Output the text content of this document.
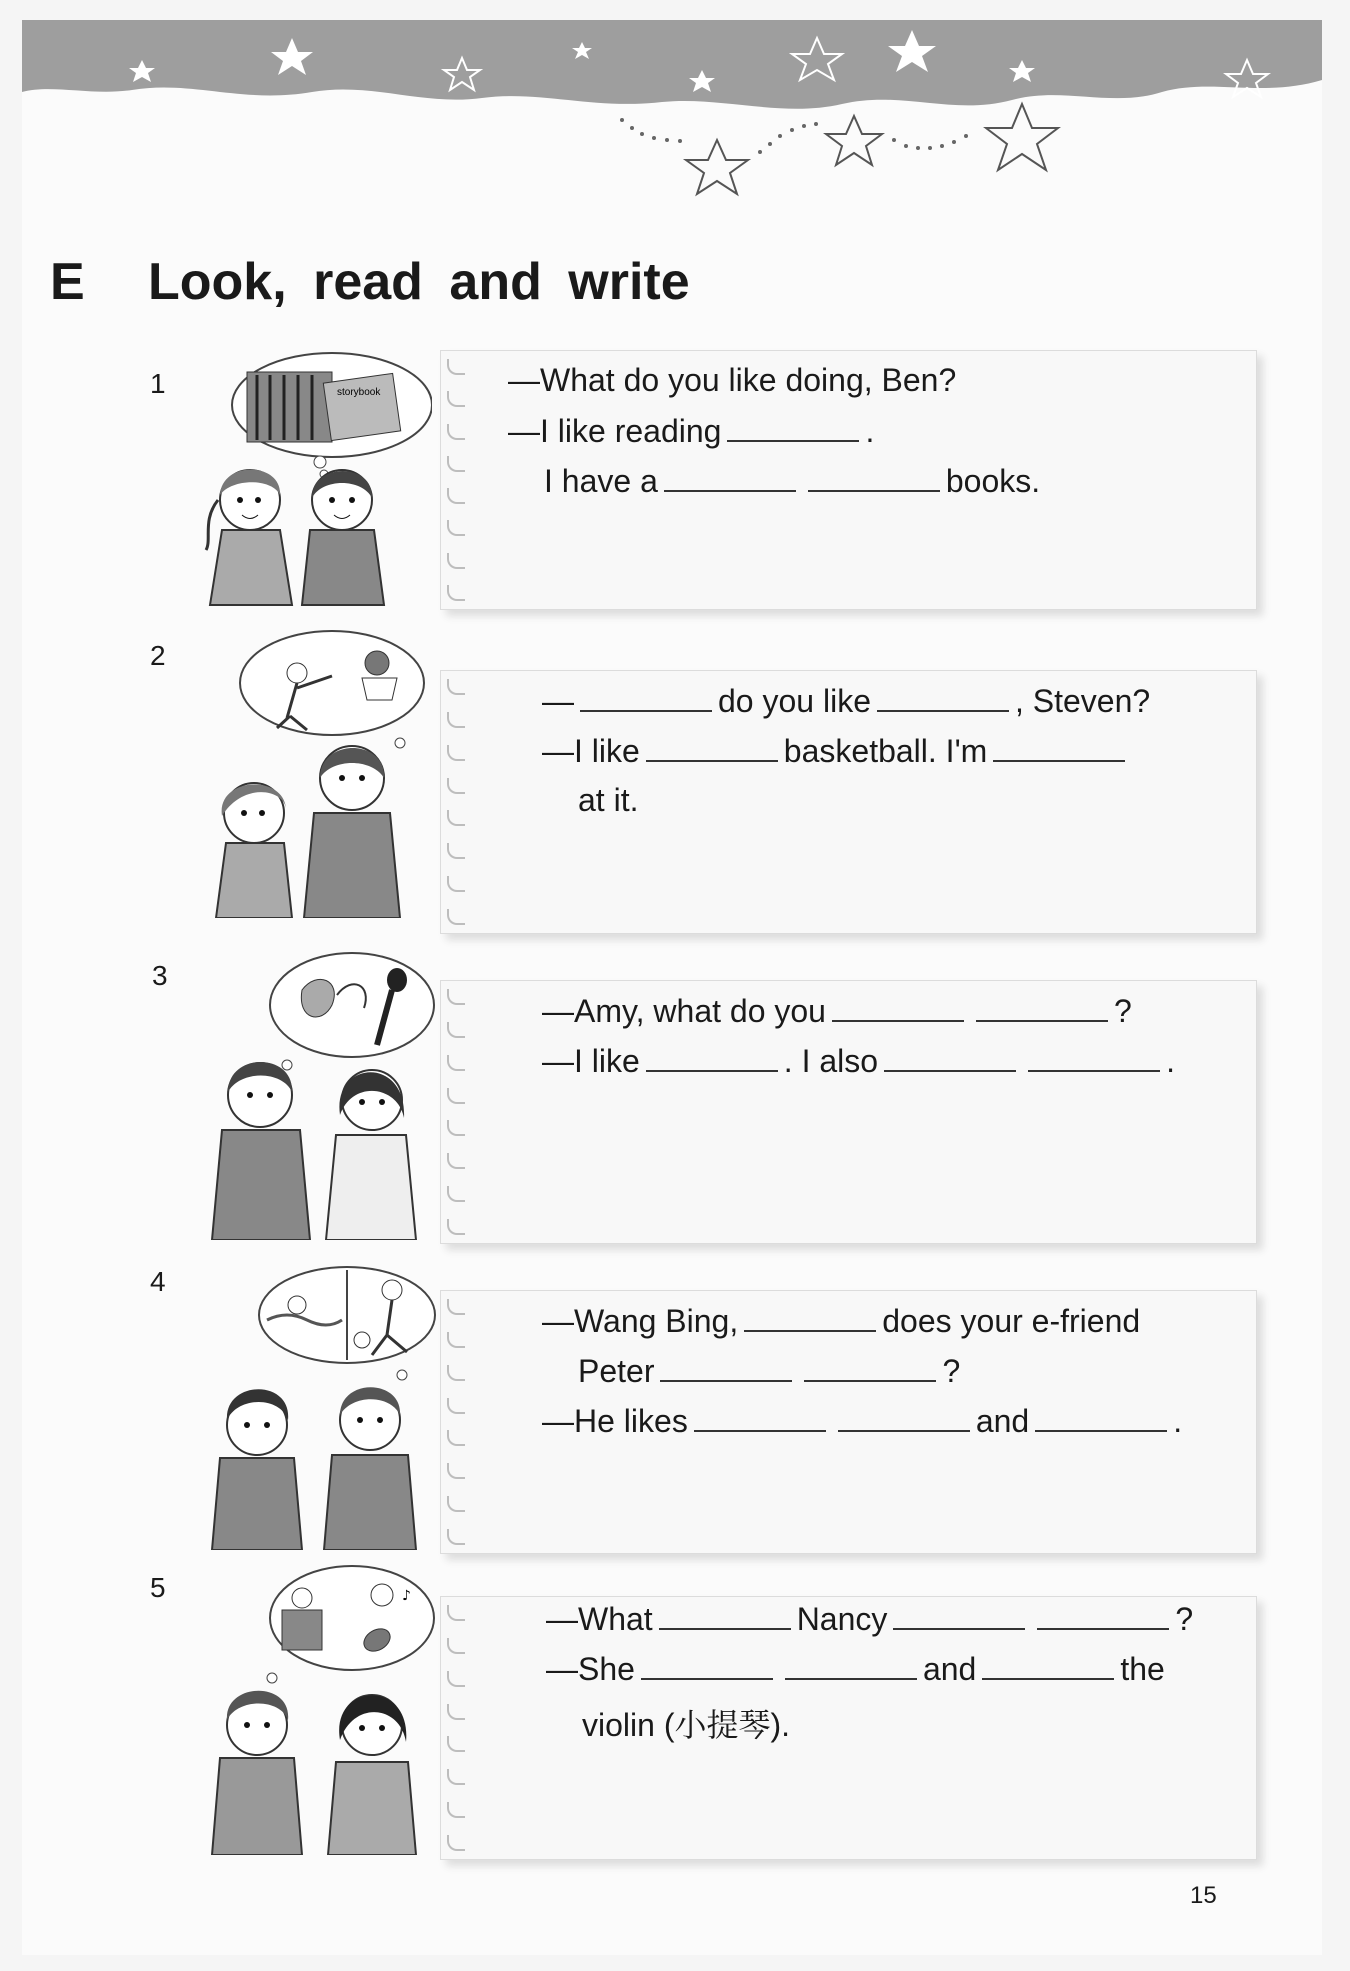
E Look, read and write
1	storybook	—What do you like doing, Ben?
—I like reading	.
I have a	books.
2
—	do you like	, Steven?
—I like	basketball. I'm
at it.
3
—Amy, what do you	?
—I like	. I also	.
4
—Wang Bing,	does your e-friend
Peter	?
—He likes	and	.
5	♪
—What	Nancy	?
—She	and	the
violin (小提琴).
15
